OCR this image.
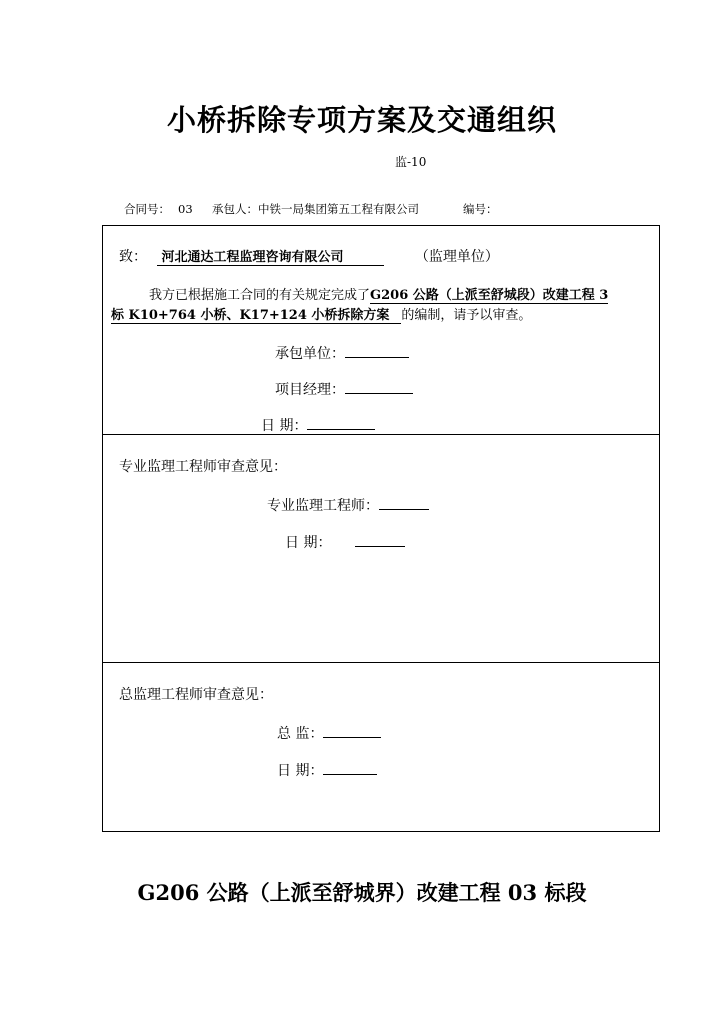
小桥拆除专项方案及交通组织
监-10
合同号： 03 承包人：中铁一局集团第五工程有限公司	编号：
致： 河北通达工程监理咨询有限公司	（监理单位）
我方已根据施工合同的有关规定完成了G206 公路（上派至舒城段）改建工程 3
标 K10+764 小桥、K17+124 小桥拆除方案 的编制，请予以审查。
承包单位：
项目经理：
日 期：
专业监理工程师审查意见：
专业监理工程师：
日 期：
总监理工程师审查意见：
总 监：
日 期：
G206 公路（上派至舒城界）改建工程 03 标段
